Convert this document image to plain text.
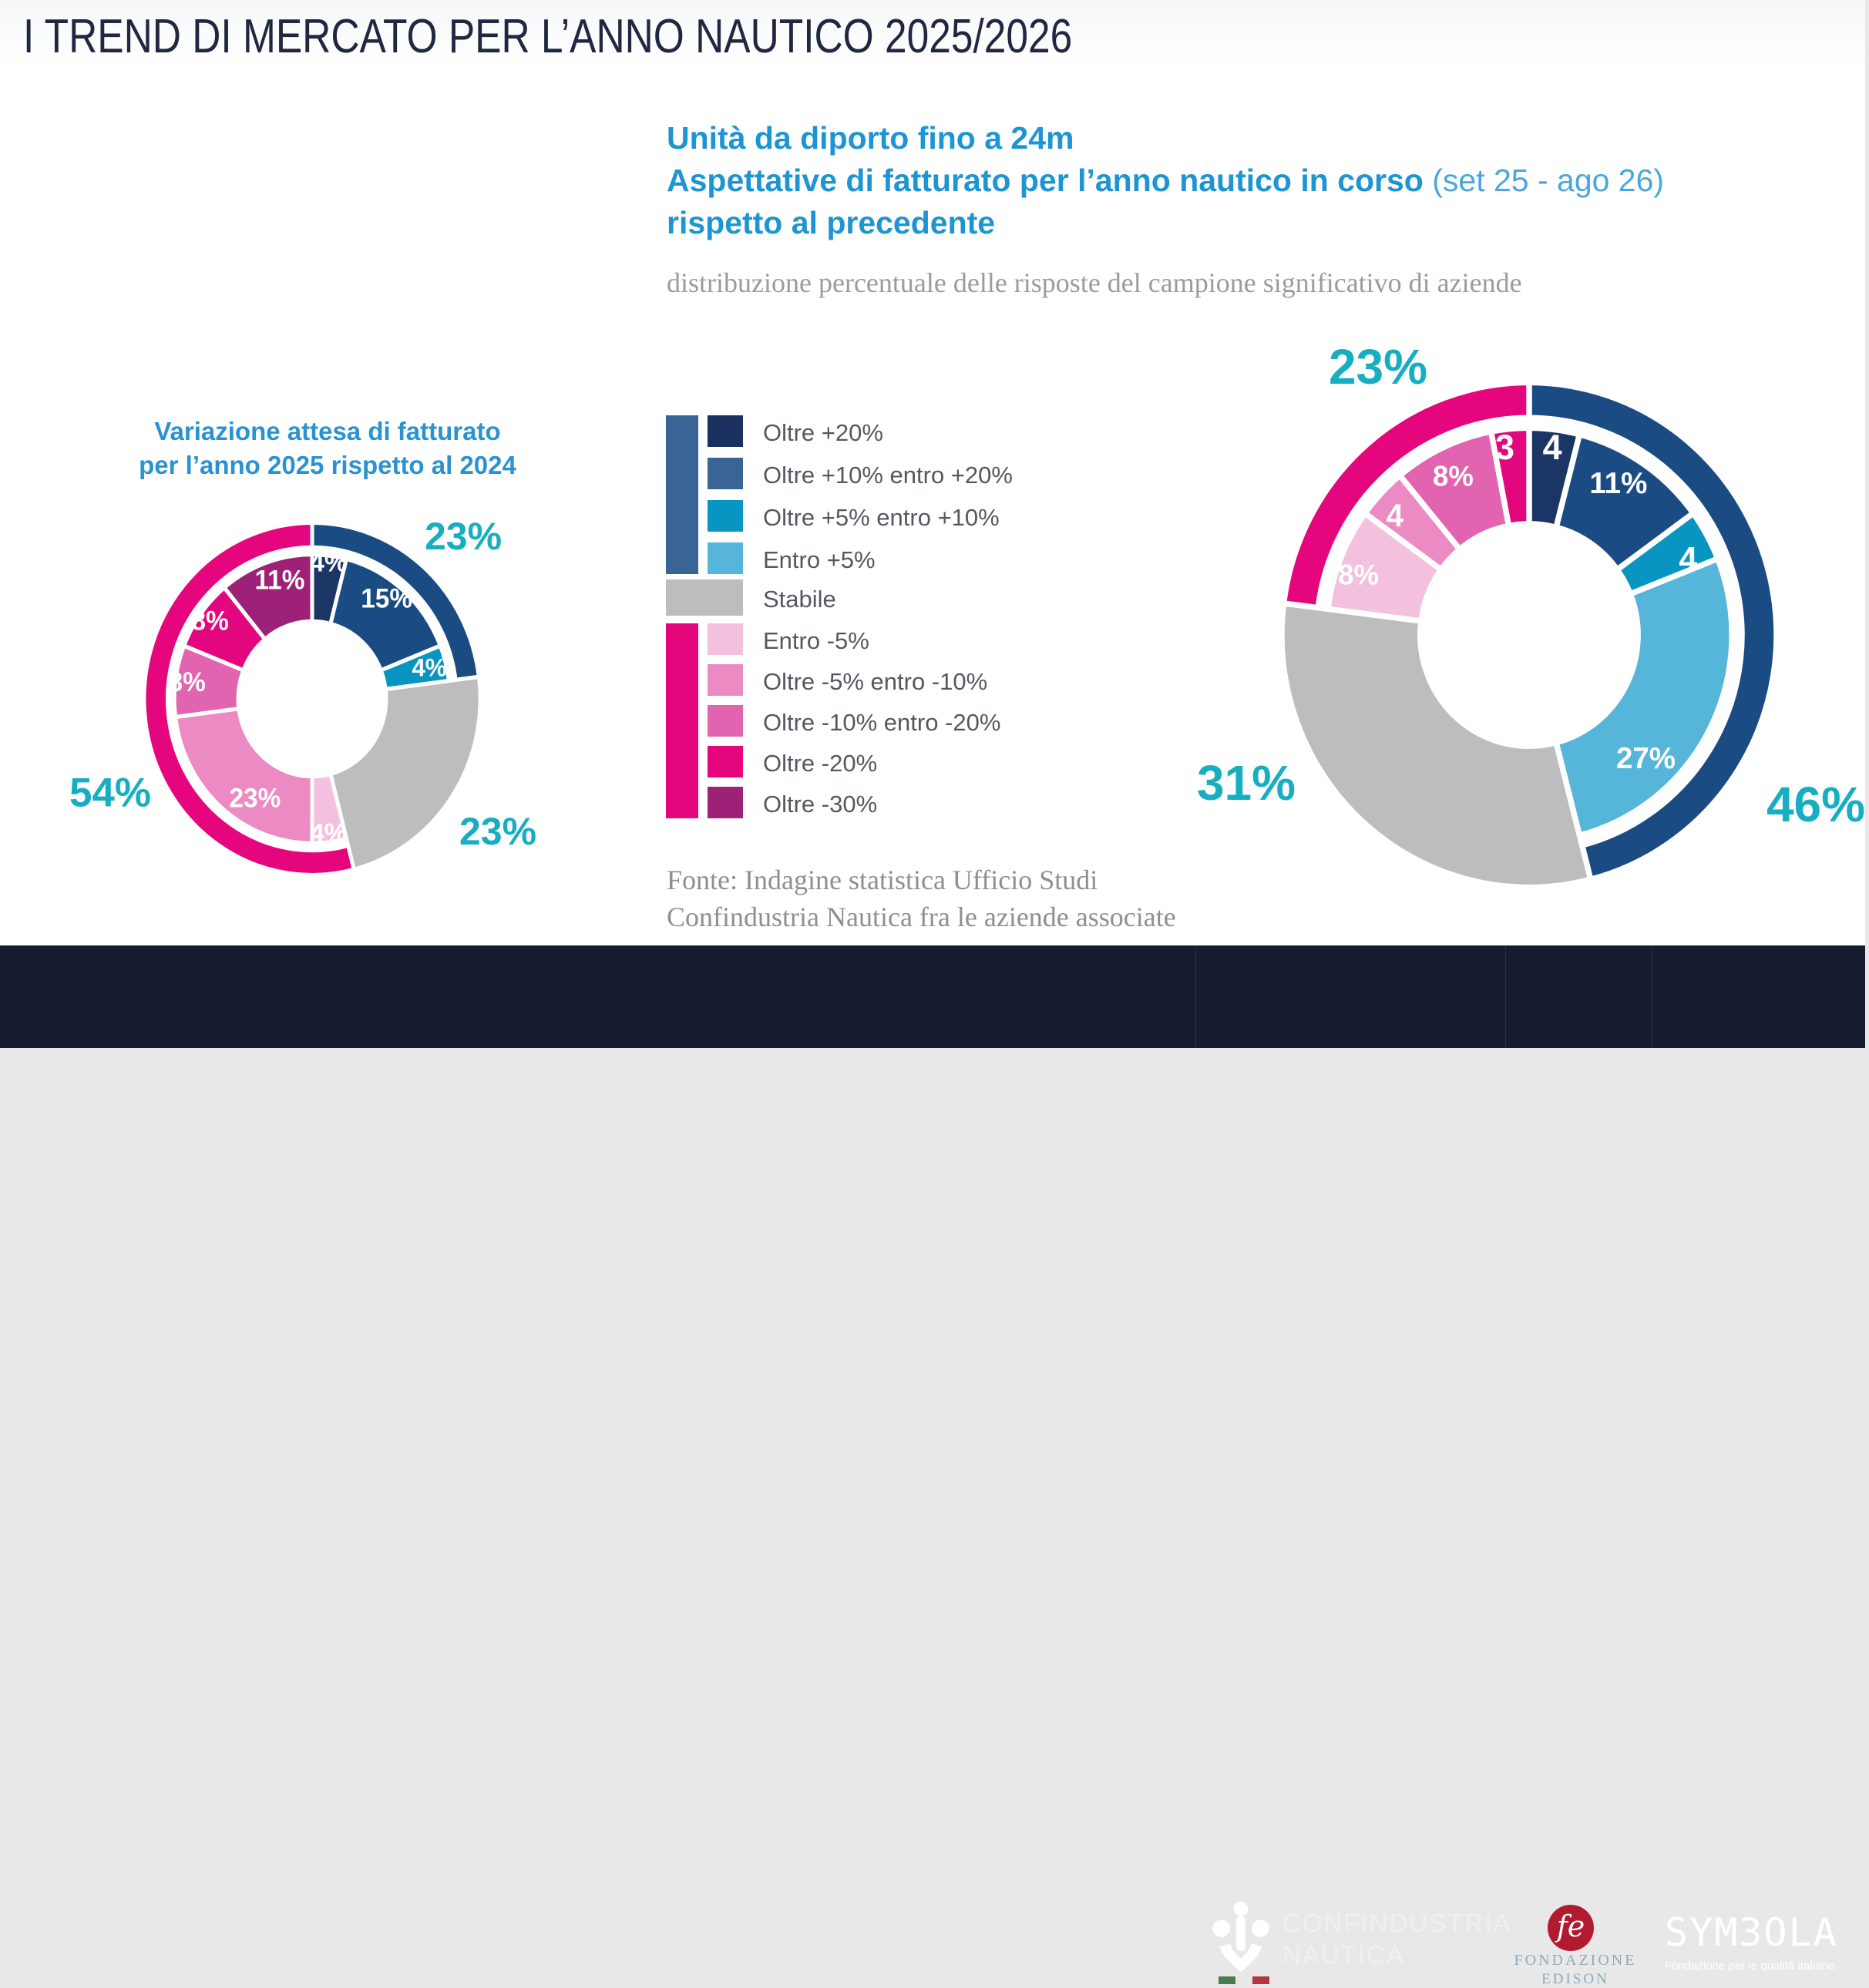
I TREND DI MERCATO PER L’ANNO NAUTICO 2025/2026
Unità da diporto fino a 24m
Aspettative di fatturato per l’anno nautico in corso (set 25 - ago 26)
rispetto al precedente
distribuzione percentuale delle risposte del campione significativo di aziende
Variazione attesa di fatturato
per l’anno 2025 rispetto al 2024
Oltre +20%
Oltre +10% entro +20%
Oltre +5% entro +10%
Entro +5%
Stabile
Entro -5%
Oltre -5% entro -10%
Oltre -10% entro -20%
Oltre -20%
Oltre -30%
4%
15%
4%
4%
23%
8%
8%
11%
23%
23%
54%
4
11%
4
27%
8%
4
8%
3
23%
46%
31%
Fonte: Indagine statistica Ufficio Studi
Confindustria Nautica fra le aziende associate
CONFINDUSTRIA
NAUTICA
fe
FONDAZIONE
EDISON
SYM3OLA
Fondazione per le qualità italiane
